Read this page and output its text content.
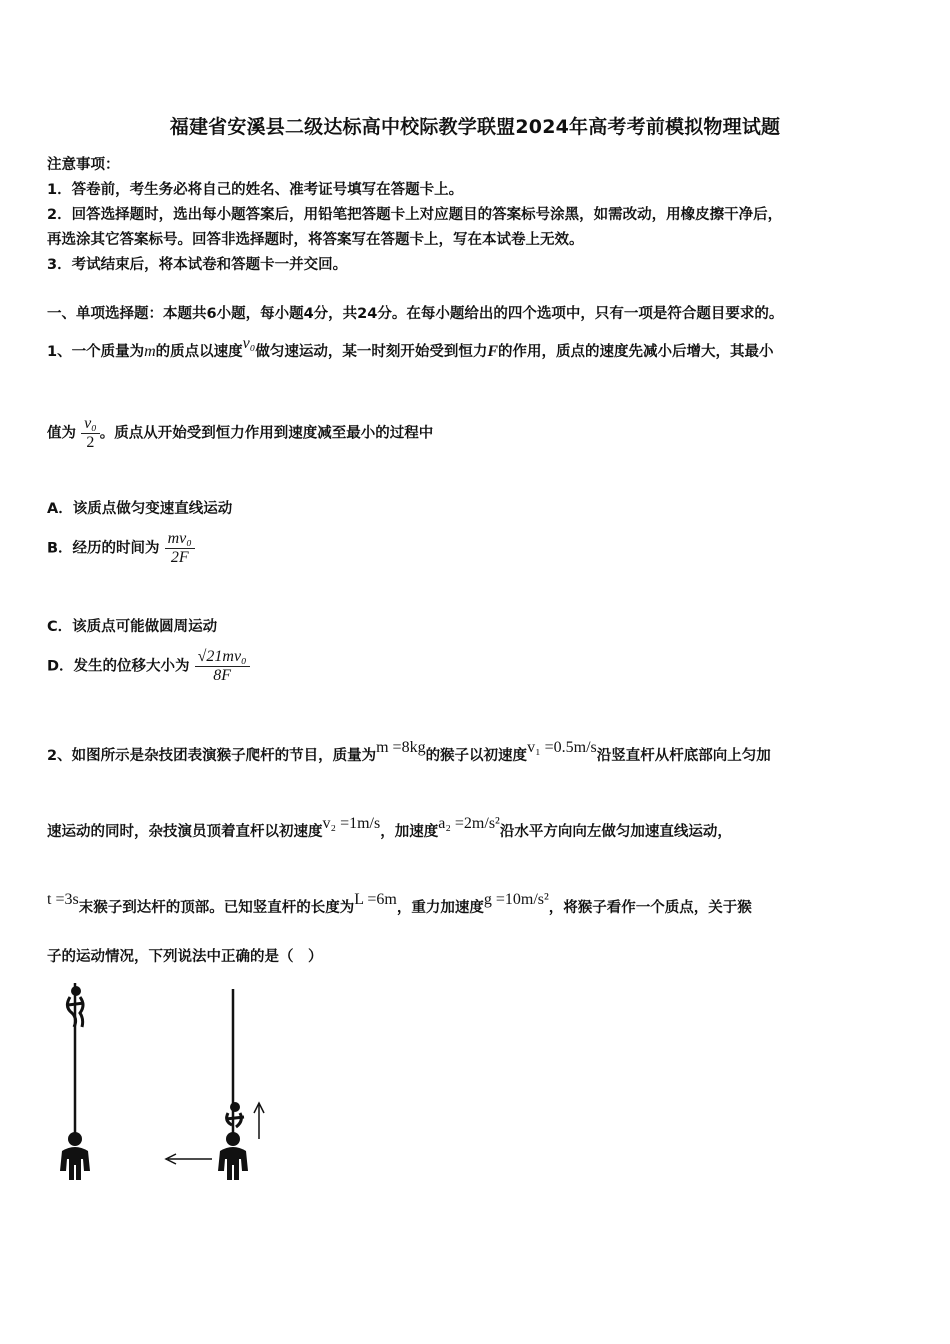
福建省安溪县二级达标高中校际教学联盟2024年高考考前模拟物理试题
注意事项：
1．答卷前，考生务必将自己的姓名、准考证号填写在答题卡上。
2．回答选择题时，选出每小题答案后，用铅笔把答题卡上对应题目的答案标号涂黑，如需改动，用橡皮擦干净后，
再选涂其它答案标号。回答非选择题时，将答案写在答题卡上，写在本试卷上无效。
3．考试结束后，将本试卷和答题卡一并交回。
一、单项选择题：本题共6小题，每小题4分，共24分。在每小题给出的四个选项中，只有一项是符合题目要求的。
1、一个质量为m的质点以速度v₀做匀速运动，某一时刻开始受到恒力F的作用，质点的速度先减小后增大，其最小
值为 $\frac{\text{v₀}}{2}$ 。质点从开始受到恒力作用到速度减至最小的过程中
A．该质点做匀变速直线运动
B．经历的时间为 $\frac{\text{mv₀}}{2F}$
C．该质点可能做圆周运动
D．发生的位移大小为 $\frac{\text{√21mv₀}}{8F}$
2、如图所示是杂技团表演猴子爬杆的节目，质量为m =8kg的猴子以初速度v₁ =0.5m/s沿竖直杆从杆底部向上匀加
速运动的同时，杂技演员顶着直杆以初速度v₂ =1m/s，加速度a₂ =2m/s²沿水平方向向左做匀加速直线运动，
t =3s末猴子到达杆的顶部。已知竖直杆的长度为L =6m，重力加速度g =10m/s²，将猴子看作一个质点，关于猴
子的运动情况，下列说法中正确的是（　）
